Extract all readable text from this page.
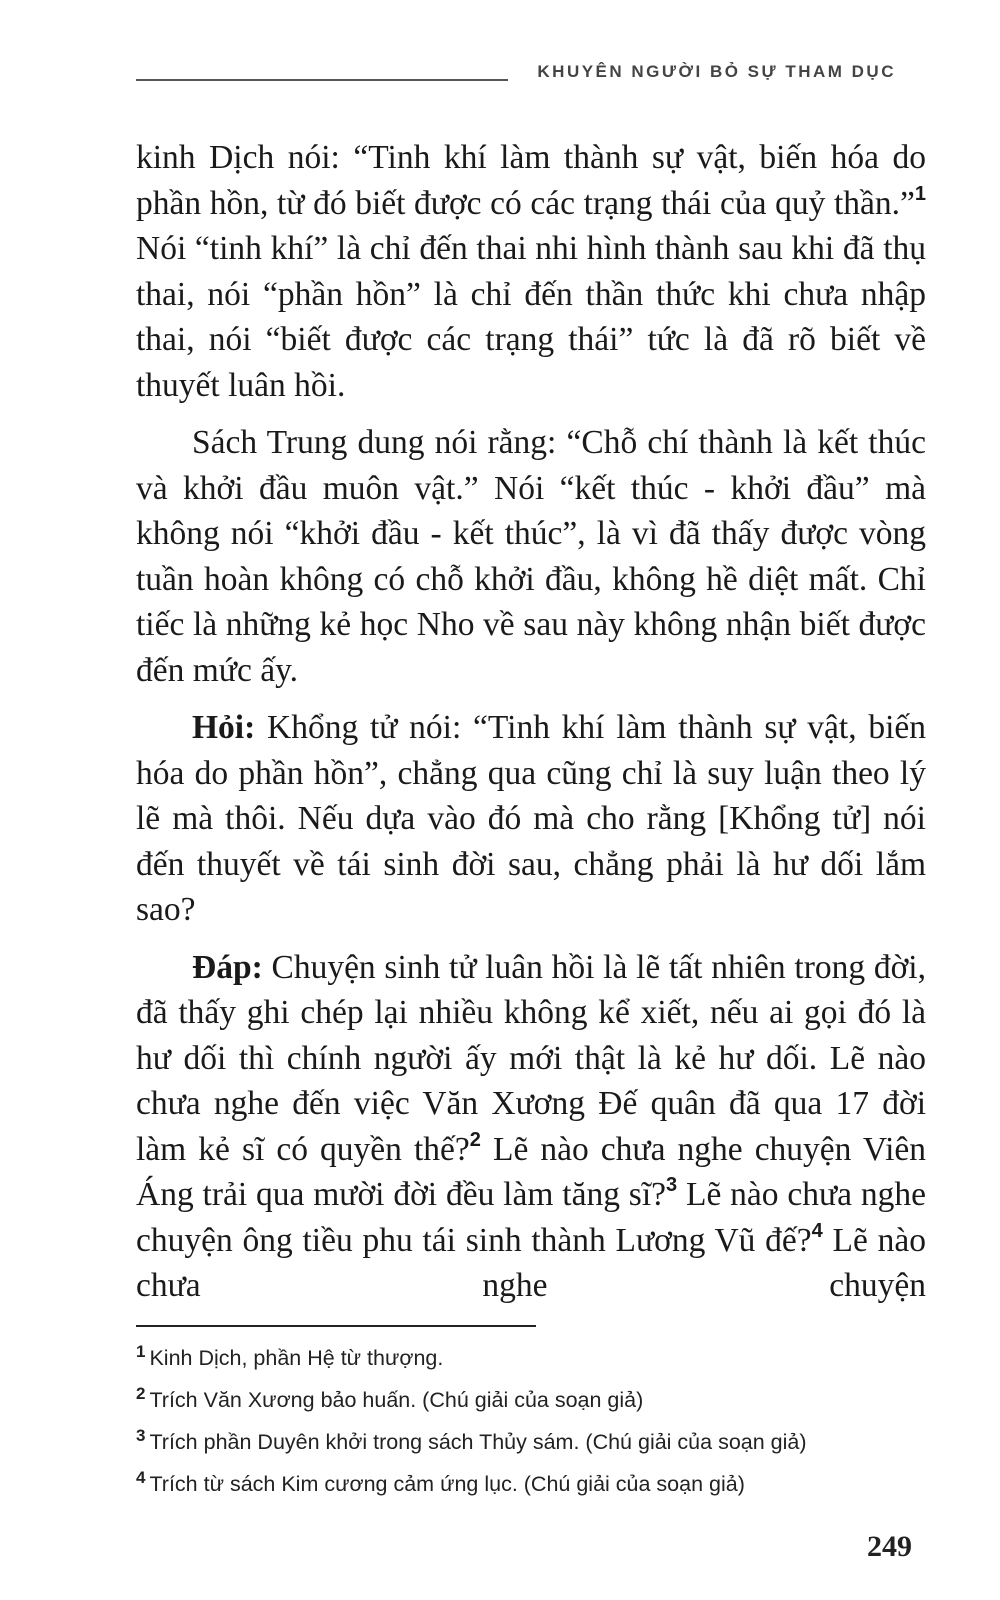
KHUYÊN NGƯỜI BỎ SỰ THAM DỤC

kinh Dịch nói: “Tinh khí làm thành sự vật, biến hóa do phần hồn, từ đó biết được có các trạng thái của quỷ thần.”$^1$ Nói “tinh khí” là chỉ đến thai nhi hình thành sau khi đã thụ thai, nói “phần hồn” là chỉ đến thần thức khi chưa nhập thai, nói “biết được các trạng thái” tức là đã rõ biết về thuyết luân hồi.

Sách Trung dung nói rằng: “Chỗ chí thành là kết thúc và khởi đầu muôn vật.” Nói “kết thúc - khởi đầu” mà không nói “khởi đầu - kết thúc”, là vì đã thấy được vòng tuần hoàn không có chỗ khởi đầu, không hề diệt mất. Chỉ tiếc là những kẻ học Nho về sau này không nhận biết được đến mức ấy.

Hỏi: Khổng tử nói: “Tinh khí làm thành sự vật, biến hóa do phần hồn”, chẳng qua cũng chỉ là suy luận theo lý lẽ mà thôi. Nếu dựa vào đó mà cho rằng [Khổng tử] nói đến thuyết về tái sinh đời sau, chẳng phải là hư dối lắm sao?

Đáp: Chuyện sinh tử luân hồi là lẽ tất nhiên trong đời, đã thấy ghi chép lại nhiều không kể xiết, nếu ai gọi đó là hư dối thì chính người ấy mới thật là kẻ hư dối. Lẽ nào chưa nghe đến việc Văn Xương Đế quân đã qua 17 đời làm kẻ sĩ có quyền thế?$^2$ Lẽ nào chưa nghe chuyện Viên Áng trải qua mười đời đều làm tăng sĩ?$^3$ Lẽ nào chưa nghe chuyện ông tiều phu tái sinh thành Lương Vũ đế?$^4$ Lẽ nào chưa nghe chuyện

$^1$ Kinh Dịch, phần Hệ từ thượng.

$^2$ Trích Văn Xương bảo huấn. (Chú giải của soạn giả)

$^3$ Trích phần Duyên khởi trong sách Thủy sám. (Chú giải của soạn giả)

$^4$ Trích từ sách Kim cương cảm ứng lục. (Chú giải của soạn giả)

249
